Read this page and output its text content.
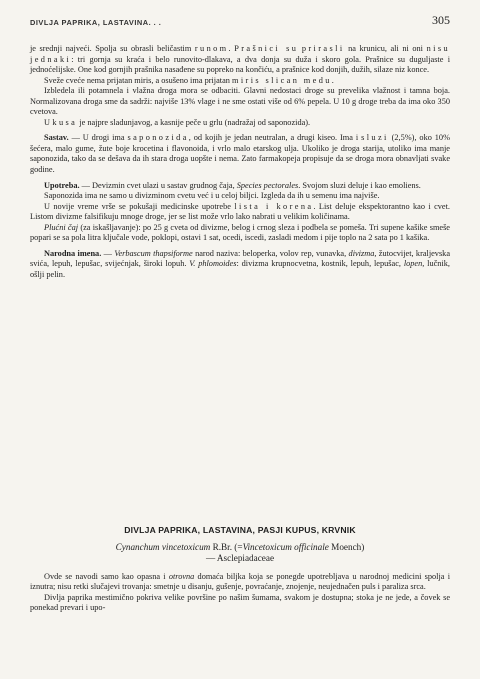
DIVLJA PAPRIKA, LASTAVINA. . .	305

je srednji najveći. Spolja su obrasli beličastim runom. Prašnici su prirasli na krunicu, ali ni oni nisu jednaki: tri gornja su kraća i belo runovito-dlakava, a dva donja su duža i skoro gola. Prašnice su duguljaste i jednoćelijske. One kod gornjih prašnika nasađene su popreko na končiću, a prašnice kod donjih, dužih, silaze niz konce.

Sveže cveće nema prijatan miris, a osušeno ima prijatan miris slican medu.

Izbledela ili potamnela i vlažna droga mora se odbaciti. Glavni nedostaci droge su prevelika vlažnost i tamna boja. Normalizovana droga sme da sadrži: najviše 13% vlage i ne sme ostati više od 6% pepela. U 10 g droge treba da ima oko 350 cvetova.

Ukusa je najpre sladunjavog, a kasnije peče u grlu (nadražaj od saponozida).

Sastav. — U drogi ima saponozida, od kojih je jedan neutralan, a drugi kiseo. Ima i sluzi (2,5%), oko 10% šećera, malo gume, žute boje krocetina i flavonoida, i vrlo malo etarskog ulja. Ukoliko je droga starija, utoliko ima manje saponozida, tako da se dešava da ih stara droga uopšte i nema. Zato farmakopeja propisuje da se droga mora obnavljati svake godine.

Upotreba. — Devizmin cvet ulazi u sastav grudnog čaja, Species pectorales. Svojom sluzi deluje i kao emoliens.

Saponozida ima ne samo u divizminom cvetu već i u celoj biljci. Izgleda da ih u semenu ima najviše.

U novije vreme vrše se pokušaji medicinske upotrebe lista i korena. List deluje ekspektorantno kao i cvet. Listom divizme falsifikuju mnoge droge, jer se list može vrlo lako nabrati u velikim količinama.

Plućni čaj (za iskašljavanje): po 25 g cveta od divizme, belog i crnog sleza i podbela se pomeša. Tri supene kašike smeše popari se sa pola litra ključale vode, poklopi, ostavi 1 sat, ocedi, iscedi, zasladi medom i pije toplo na 2 sata po 1 kašika.

Narodna imena. — Verbascum thapsiforme narod naziva: beloperka, volov rep, vunavka, divizma, žutocvijet, kraljevska svića, lepuh, lepušac, svijećnjak, široki lopuh. V. phlomoides: divizma krupnocvetna, kostnik, lepuh, lepušac, lopen, lučnik, ošlji pelin.

DIVLJA PAPRIKA, LASTAVINA, PASJI KUPUS, KRVNIK
Cynanchum vincetoxicum R.Br. (=Vincetoxicum officinale Moench)
— Asclepiadaceae

Ovde se navodi samo kao opasna i otrovna domaća biljka koja se ponegde upotrebljava u narodnoj medicini spolja i iznutra; nisu retki slučajevi trovanja: smetnje u disanju, gušenje, povraćanje, znojenje, neujednačen puls i paraliza srca.

Divlja paprika mestimično pokriva velike površine po našim šumama, svakom je dostupna; stoka je ne jede, a čovek se ponekad prevari i upo-
